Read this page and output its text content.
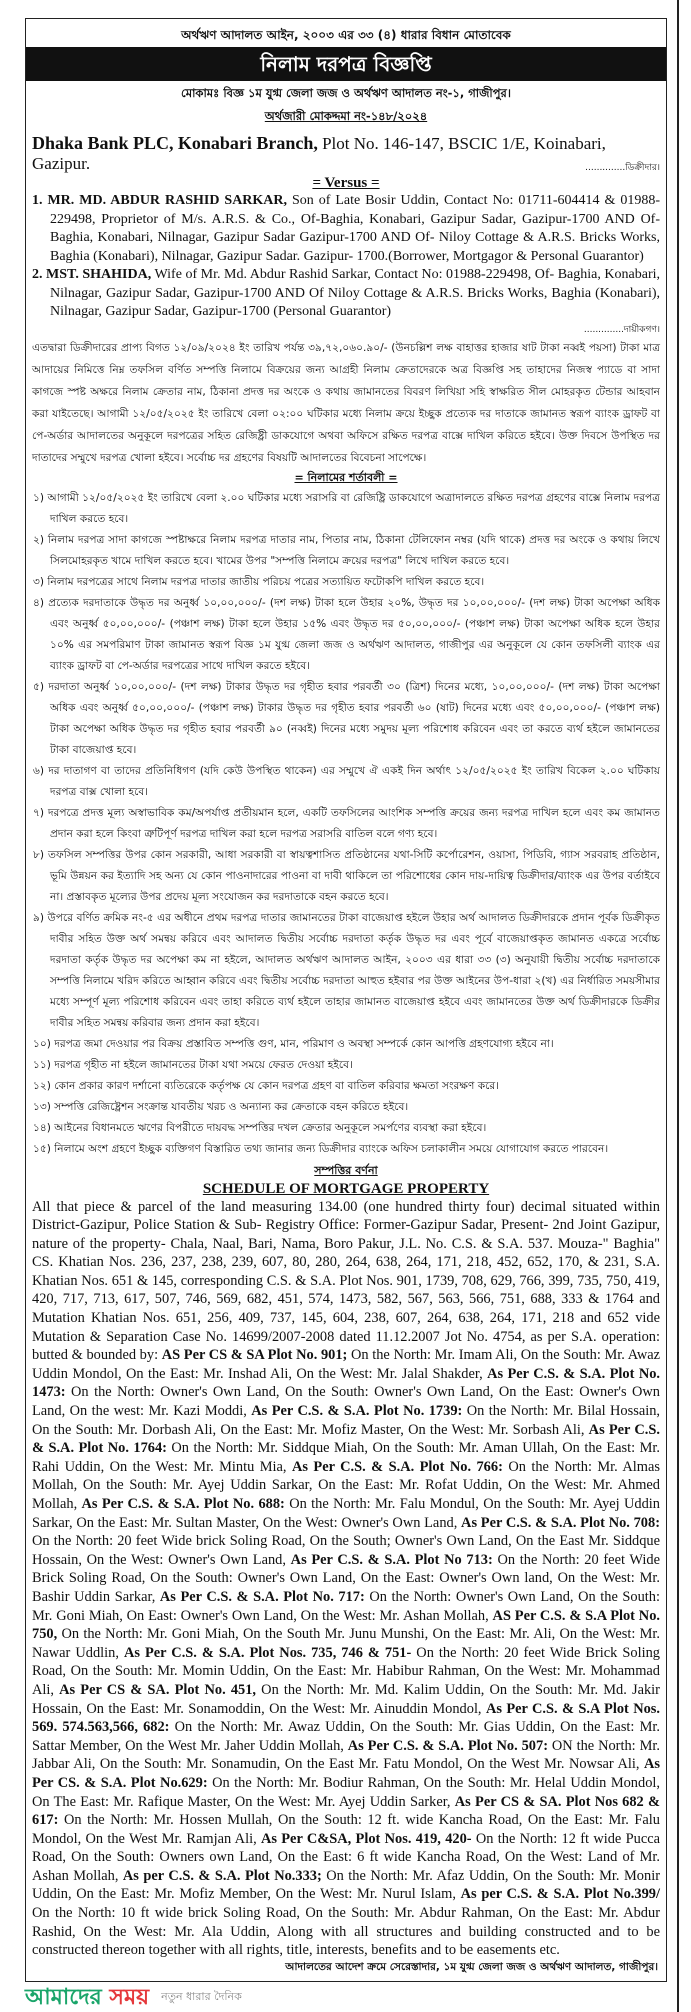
অর্থঋণ আদালত আইন, ২০০৩ এর ৩৩ (৪) ধারার বিধান মোতাবেক
নিলাম দরপত্র বিজ্ঞপ্তি
মোকামঃ বিজ্ঞ ১ম যুগ্ম জেলা জজ ও অর্থঋণ আদালত নং-১, গাজীপুর।
অর্থজারী মোকদ্দমা নং-১৪৮/২০২৪
Dhaka Bank PLC, Konabari Branch, Plot No. 146-147, BSCIC 1/E, Koinabari, Gazipur.	..............ডিক্রীদার।
= Versus =
1. MR. MD. ABDUR RASHID SARKAR, Son of Late Bosir Uddin, Contact No: 01711-604414 & 01988-229498, Proprietor of M/s. A.R.S. & Co., Of-Baghia, Konabari, Gazipur Sadar, Gazipur-1700 AND Of- Baghia, Konabari, Nilnagar, Gazipur Sadar Gazipur-1700 AND Of- Niloy Cottage & A.R.S. Bricks Works, Baghia (Konabari), Nilnagar, Gazipur Sadar. Gazipur- 1700.(Borrower, Mortgagor & Personal Guarantor)
2. MST. SHAHIDA, Wife of Mr. Md. Abdur Rashid Sarkar, Contact No: 01988-229498, Of- Baghia, Konabari, Nilnagar, Gazipur Sadar, Gazipur-1700 AND Of Niloy Cottage & A.R.S. Bricks Works, Baghia (Konabari), Nilnagar, Gazipur Sadar, Gazipur-1700 (Personal Guarantor)
..............দায়ীকগণ।
এতদ্বারা ডিক্রীদারের প্রাপ্য বিগত ১২/০৯/২০২৪ ইং তারিখ পর্যন্ত ৩৯,৭২,০৬০.৯০/- (উনচল্লিশ লক্ষ বাহাত্তর হাজার ষাট টাকা নব্বই পয়সা) টাকা মাত্র আদায়ের নিমিত্তে নিম্ন তফসিল বর্ণিত সম্পত্তি নিলামে বিক্রয়ের জন্য আগ্রহী নিলাম ক্রেতাদেরকে অত্র বিজ্ঞপ্তি সহ তাহাদের নিজস্ব প্যাডে বা সাদা কাগজে স্পষ্ট অক্ষরে নিলাম ক্রেতার নাম, ঠিকানা প্রদত্ত দর অংকে ও কথায় জামানতের বিবরণ লিখিয়া সহি স্বাক্ষরিত সীল মোহরকৃত টেন্ডার আহবান করা যাইতেছে। আগামী ১২/০৫/২০২৫ ইং তারিখে বেলা ০২:০০ ঘটিকার মধ্যে নিলাম ক্রয়ে ইচ্ছুক প্রত্যেক দর দাতাকে জামানত স্বরূপ ব্যাংক ড্রাফট বা পে-অর্ডার আদালতের অনুকূলে দরপত্রের সহিত রেজিষ্ট্রী ডাকযোগে অথবা অফিসে রক্ষিত দরপত্র বাক্সে দাখিল করিতে হইবে। উক্ত দিবসে উপস্থিত দর দাতাদের সম্মুখে দরপত্র খোলা হইবে। সর্বোচ্চ দর গ্রহণের বিষয়টি আদালতের বিবেচনা সাপেক্ষে।
= নিলামের শর্তাবলী =
১) আগামী ১২/০৫/২০২৫ ইং তারিখে বেলা ২.০০ ঘটিকার মধ্যে সরাসরি বা রেজিষ্ট্রি ডাকযোগে অত্রাদালতে রক্ষিত দরপত্র গ্রহণের বাক্সে নিলাম দরপত্র দাখিল করতে হবে।
২) নিলাম দরপত্র সাদা কাগজে স্পষ্টাক্ষরে নিলাম দরপত্র দাতার নাম, পিতার নাম, ঠিকানা টেলিফোন নম্বর (যদি থাকে) প্রদত্ত দর অংকে ও কথায় লিখে সিলমোহরকৃত খামে দাখিল করতে হবে। খামের উপর "সম্পত্তি নিলামে ক্রয়ের দরপত্র" লিখে দাখিল করতে হবে।
৩) নিলাম দরপত্রের সাথে নিলাম দরপত্র দাতার জাতীয় পরিচয় পত্রের সত্যায়িত ফটোকপি দাখিল করতে হবে।
৪) প্রত্যেক দরদাতাকে উদ্ধৃত দর অনুর্ধ্ব ১০,০০,০০০/- (দশ লক্ষ) টাকা হলে উহার ২০%, উদ্ধৃত দর ১০,০০,০০০/- (দশ লক্ষ) টাকা অপেক্ষা অধিক এবং অনুর্ধ্ব ৫০,০০,০০০/- (পঞ্চাশ লক্ষ) টাকা হলে উহার ১৫% এবং উদ্ধৃত দর ৫০,০০,০০০/- (পঞ্চাশ লক্ষ) টাকা অপেক্ষা অধিক হলে উহার ১০% এর সমপরিমাণ টাকা জামানত স্বরূপ বিজ্ঞ ১ম যুগ্ম জেলা জজ ও অর্থঋণ আদালত, গাজীপুর এর অনুকূলে যে কোন তফসিলী ব্যাংক এর ব্যাংক ড্রাফট বা পে-অর্ডার দরপত্রের সাথে দাখিল করতে হইবে।
৫) দরদাতা অনুর্ধ্ব ১০,০০,০০০/- (দশ লক্ষ) টাকার উদ্ধৃত দর গৃহীত হবার পরবর্তী ৩০ (ত্রিশ) দিনের মধ্যে, ১০,০০,০০০/- (দশ লক্ষ) টাকা অপেক্ষা অধিক এবং অনুর্ধ্ব ৫০,০০,০০০/- (পঞ্চাশ লক্ষ) টাকার উদ্ধৃত দর গৃহীত হবার পরবর্তী ৬০ (ষাট) দিনের মধ্যে এবং ৫০,০০,০০০/- (পঞ্চাশ লক্ষ) টাকা অপেক্ষা অধিক উদ্ধৃত দর গৃহীত হবার পরবর্তী ৯০ (নব্বই) দিনের মধ্যে সমুদয় মূল্য পরিশোধ করিবেন এবং তা করতে ব্যর্থ হইলে জামানতের টাকা বাজেয়াপ্ত হবে।
৬) দর দাতাগণ বা তাদের প্রতিনিধিগণ (যদি কেউ উপস্থিত থাকেন) এর সম্মুখে ঐ একই দিন অর্থাৎ ১২/০৫/২০২৫ ইং তারিখ বিকেল ২.০০ ঘটিকায় দরপত্র বাক্স খোলা হবে।
৭) দরপত্রে প্রদত্ত মূল্য অস্বাভাবিক কম/অপর্যাপ্ত প্রতীয়মান হলে, একটি তফসিলের আংশিক সম্পত্তি ক্রয়ের জন্য দরপত্র দাখিল হলে এবং কম জামানত প্রদান করা হলে কিংবা ত্রুটিপূর্ণ দরপত্র দাখিল করা হলে দরপত্র সরাসরি বাতিল বলে গণ্য হবে।
৮) তফসিল সম্পত্তির উপর কোন সরকারী, আধা সরকারী বা স্বায়ত্বশাসিত প্রতিষ্ঠানের যথা-সিটি কর্পোরেশন, ওয়াসা, পিডিবি, গ্যাস সরবরাহ প্রতিষ্ঠান, ভূমি উন্নয়ন কর ইত্যাদি সহ অন্য যে কোন পাওনাদারের পাওনা বা দাবী থাকিলে তা পরিশোধের কোন দায়-দায়িত্ব ডিক্রীদার/ব্যাংক এর উপর বর্তাইবে না। প্রস্তাবকৃত মূল্যের উপর প্রদেয় মূল্য সংযোজন কর দরদাতাকে বহন করতে হবে।
৯) উপরে বর্ণিত ক্রমিক নং-৫ এর অধীনে প্রথম দরপত্র দাতার জামানতের টাকা বাজেয়াপ্ত হইলে উহার অর্থ আদালত ডিক্রীদারকে প্রদান পূর্বক ডিক্রীকৃত দাবীর সহিত উক্ত অর্থ সমন্বয় করিবে এবং আদালত দ্বিতীয় সর্বোচ্চ দরদাতা কর্তৃক উদ্ধৃত দর এবং পূর্বে বাজেয়াপ্তকৃত জামানত একত্রে সর্বোচ্চ দরদাতা কর্তৃক উদ্ধৃত দর অপেক্ষা কম না হইলে, আদালত অর্থঋণ আদালত আইন, ২০০৩ এর ধারা ৩৩ (৩) অনুযায়ী দ্বিতীয় সর্বোচ্চ দরদাতাকে সম্পত্তি নিলামে খরিদ করিতে আহ্বান করিবে এবং দ্বিতীয় সর্বোচ্চ দরদাতা আহুত হইবার পর উক্ত আইনের উপ-ধারা ২(খ) এর নির্ধারিত সময়সীমার মধ্যে সম্পূর্ণ মূল্য পরিশোধ করিবেন এবং তাহা করিতে ব্যর্থ হইলে তাহার জামানত বাজেয়াপ্ত হইবে এবং জামানতের উক্ত অর্থ ডিক্রীদারকে ডিক্রীর দাবীর সহিত সমন্বয় করিবার জন্য প্রদান করা হইবে।
১০) দরপত্র জমা দেওয়ার পর বিক্রয় প্রস্তাবিত সম্পত্তি গুণ, মান, পরিমাণ ও অবস্থা সম্পর্কে কোন আপত্তি গ্রহণযোগ্য হইবে না।
১১) দরপত্র গৃহীত না হইলে জামানতের টাকা যথা সময়ে ফেরত দেওয়া হইবে।
১২) কোন প্রকার কারণ দর্শানো ব্যতিরেকে কর্তৃপক্ষ যে কোন দরপত্র গ্রহণ বা বাতিল করিবার ক্ষমতা সংরক্ষণ করে।
১৩) সম্পত্তি রেজিষ্ট্রেশন সংক্রান্ত যাবতীয় খরচ ও অন্যান্য কর ক্রেতাকে বহন করিতে হইবে।
১৪) আইনের বিধানমতে ঋণের বিপরীতে দায়বদ্ধ সম্পত্তির দখল ক্রেতার অনুকূলে সমর্পণের ব্যবস্থা করা হইবে।
১৫) নিলামে অংশ গ্রহণে ইচ্ছুক ব্যক্তিগণ বিস্তারিত তথ্য জানার জন্য ডিক্রীদার ব্যাংকে অফিস চলাকালীন সময়ে যোগাযোগ করতে পারবেন।
সম্পত্তির বর্ণনা
SCHEDULE OF MORTGAGE PROPERTY
All that piece & parcel of the land measuring 134.00 (one hundred thirty four) decimal situated within District-Gazipur, Police Station & Sub- Registry Office: Former-Gazipur Sadar, Present- 2nd Joint Gazipur, nature of the property- Chala, Naal, Bari, Nama, Boro Pakur, J.L. No. C.S. & S.A. 537. Mouza-" Baghia" CS. Khatian Nos. 236, 237, 238, 239, 607, 80, 280, 264, 638, 264, 171, 218, 452, 652, 170, & 231, S.A. Khatian Nos. 651 & 145, corresponding C.S. & S.A. Plot Nos. 901, 1739, 708, 629, 766, 399, 735, 750, 419, 420, 717, 713, 617, 507, 746, 569, 682, 451, 574, 1473, 582, 567, 563, 566, 751, 688, 333 & 1764 and Mutation Khatian Nos. 651, 256, 409, 737, 145, 604, 238, 607, 264, 638, 264, 171, 218 and 652 vide Mutation & Separation Case No. 14699/2007-2008 dated 11.12.2007 Jot No. 4754, as per S.A. operation: butted & bounded by: AS Per CS & SA Plot No. 901; On the North: Mr. Imam Ali, On the South: Mr. Awaz Uddin Mondol, On the East: Mr. Inshad Ali, On the West: Mr. Jalal Shakder, As Per C.S. & S.A. Plot No. 1473: On the North: Owner's Own Land, On the South: Owner's Own Land, On the East: Owner's Own Land, On the west: Mr. Kazi Moddi, As Per C.S. & S.A. Plot No. 1739: On the North: Mr. Bilal Hossain, On the South: Mr. Dorbash Ali, On the East: Mr. Mofiz Master, On the West: Mr. Sorbash Ali, As Per C.S. & S.A. Plot No. 1764: On the North: Mr. Siddque Miah, On the South: Mr. Aman Ullah, On the East: Mr. Rahi Uddin, On the West: Mr. Mintu Mia, As Per C.S. & S.A. Plot No. 766: On the North: Mr. Almas Mollah, On the South: Mr. Ayej Uddin Sarkar, On the East: Mr. Rofat Uddin, On the West: Mr. Ahmed Mollah, As Per C.S. & S.A. Plot No. 688: On the North: Mr. Falu Mondul, On the South: Mr. Ayej Uddin Sarkar, On the East: Mr. Sultan Master, On the West: Owner's Own Land, As Per C.S. & S.A. Plot No. 708: On the North: 20 feet Wide brick Soling Road, On the South; Owner's Own Land, On the East Mr. Siddque Hossain, On the West: Owner's Own Land, As Per C.S. & S.A. Plot No 713: On the North: 20 feet Wide Brick Soling Road, On the South: Owner's Own Land, On the East: Owner's Own land, On the West: Mr. Bashir Uddin Sarkar, As Per C.S. & S.A. Plot No. 717: On the North: Owner's Own Land, On the South: Mr. Goni Miah, On East: Owner's Own Land, On the West: Mr. Ashan Mollah, AS Per C.S. & S.A Plot No. 750, On the North: Mr. Goni Miah, On the South Mr. Junu Munshi, On the East: Mr. Ali, On the West: Mr. Nawar Uddlin, As Per C.S. & S.A. Plot Nos. 735, 746 & 751- On the North: 20 feet Wide Brick Soling Road, On the South: Mr. Momin Uddin, On the East: Mr. Habibur Rahman, On the West: Mr. Mohammad Ali, As Per CS & SA. Plot No. 451, On the North: Mr. Md. Kalim Uddin, On the South: Mr. Md. Jakir Hossain, On the East: Mr. Sonamoddin, On the West: Mr. Ainuddin Mondol, As Per C.S. & S.A Plot Nos. 569. 574.563,566, 682: On the North: Mr. Awaz Uddin, On the South: Mr. Gias Uddin, On the East: Mr. Sattar Member, On the West Mr. Jaher Uddin Mollah, As Per C.S. & S.A. Plot No. 507: ON the North: Mr. Jabbar Ali, On the South: Mr. Sonamudin, On the East Mr. Fatu Mondol, On the West Mr. Nowsar Ali, As Per CS. & S.A. Plot No.629: On the North: Mr. Bodiur Rahman, On the South: Mr. Helal Uddin Mondol, On The East: Mr. Rafique Master, On the West: Mr. Ayej Uddin Sarker, As Per CS & SA. Plot Nos 682 & 617: On the North: Mr. Hossen Mullah, On the South: 12 ft. wide Kancha Road, On the East: Mr. Falu Mondol, On the West Mr. Ramjan Ali, As Per C&SA, Plot Nos. 419, 420- On the North: 12 ft wide Pucca Road, On the South: Owners own Land, On the East: 6 ft wide Kancha Road, On the West: Land of Mr. Ashan Mollah, As per C.S. & S.A. Plot No.333; On the North: Mr. Afaz Uddin, On the South: Mr. Monir Uddin, On the East: Mr. Mofiz Member, On the West: Mr. Nurul Islam, As per C.S. & S.A. Plot No.399/ On the North: 10 ft wide brick Soling Road, On the South: Mr. Abdur Rahman, On the East: Mr. Abdur Rashid, On the West: Mr. Ala Uddin, Along with all structures and building constructed and to be constructed thereon together with all rights, title, interests, benefits and to be easements etc.
আদালতের আদেশ ক্রমে সেরেস্তাদার, ১ম যুগ্ম জেলা জজ ও অর্থঋণ আদালত, গাজীপুর।
আমাদের সময় নতুন ধারার দৈনিক
